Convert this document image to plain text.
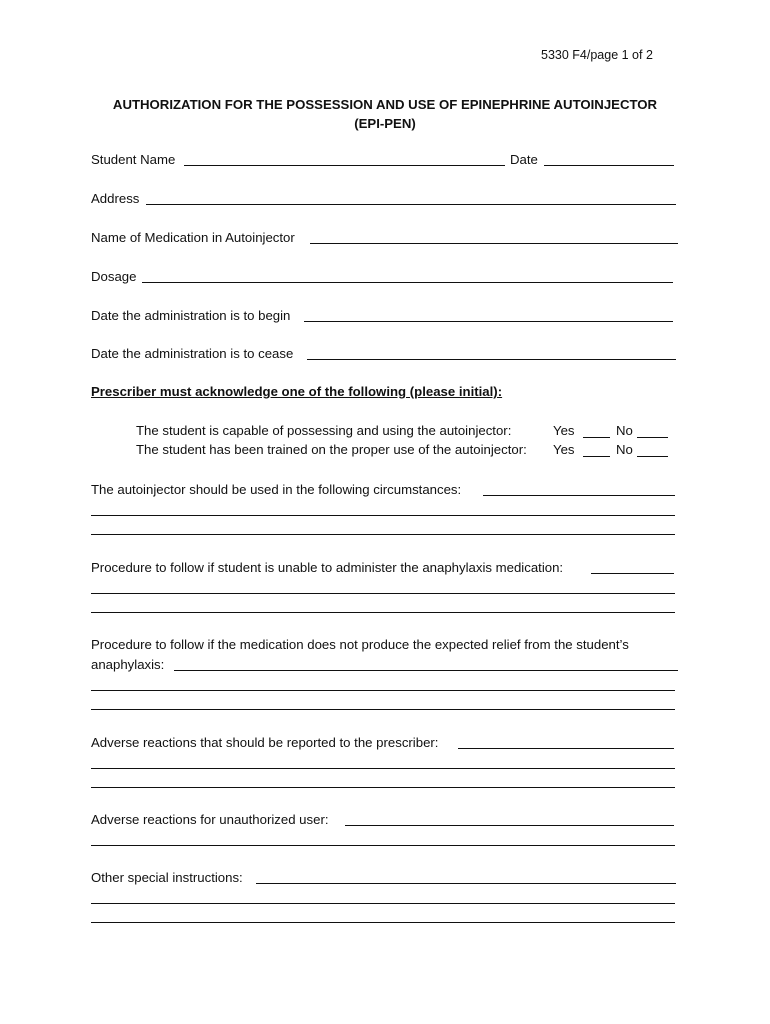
5330 F4/page 1 of 2
AUTHORIZATION FOR THE POSSESSION AND USE OF EPINEPHRINE AUTOINJECTOR
(EPI-PEN)
Student Name	Date
Address
Name of Medication in Autoinjector
Dosage
Date the administration is to begin
Date the administration is to cease
Prescriber must acknowledge one of the following (please initial):
The student is capable of possessing and using the autoinjector:	Yes	No
The student has been trained on the proper use of the autoinjector: Yes	No
The autoinjector should be used in the following circumstances:
Procedure to follow if student is unable to administer the anaphylaxis medication:
Procedure to follow if the medication does not produce the expected relief from the student’s
anaphylaxis:
Adverse reactions that should be reported to the prescriber:
Adverse reactions for unauthorized user:
Other special instructions:
